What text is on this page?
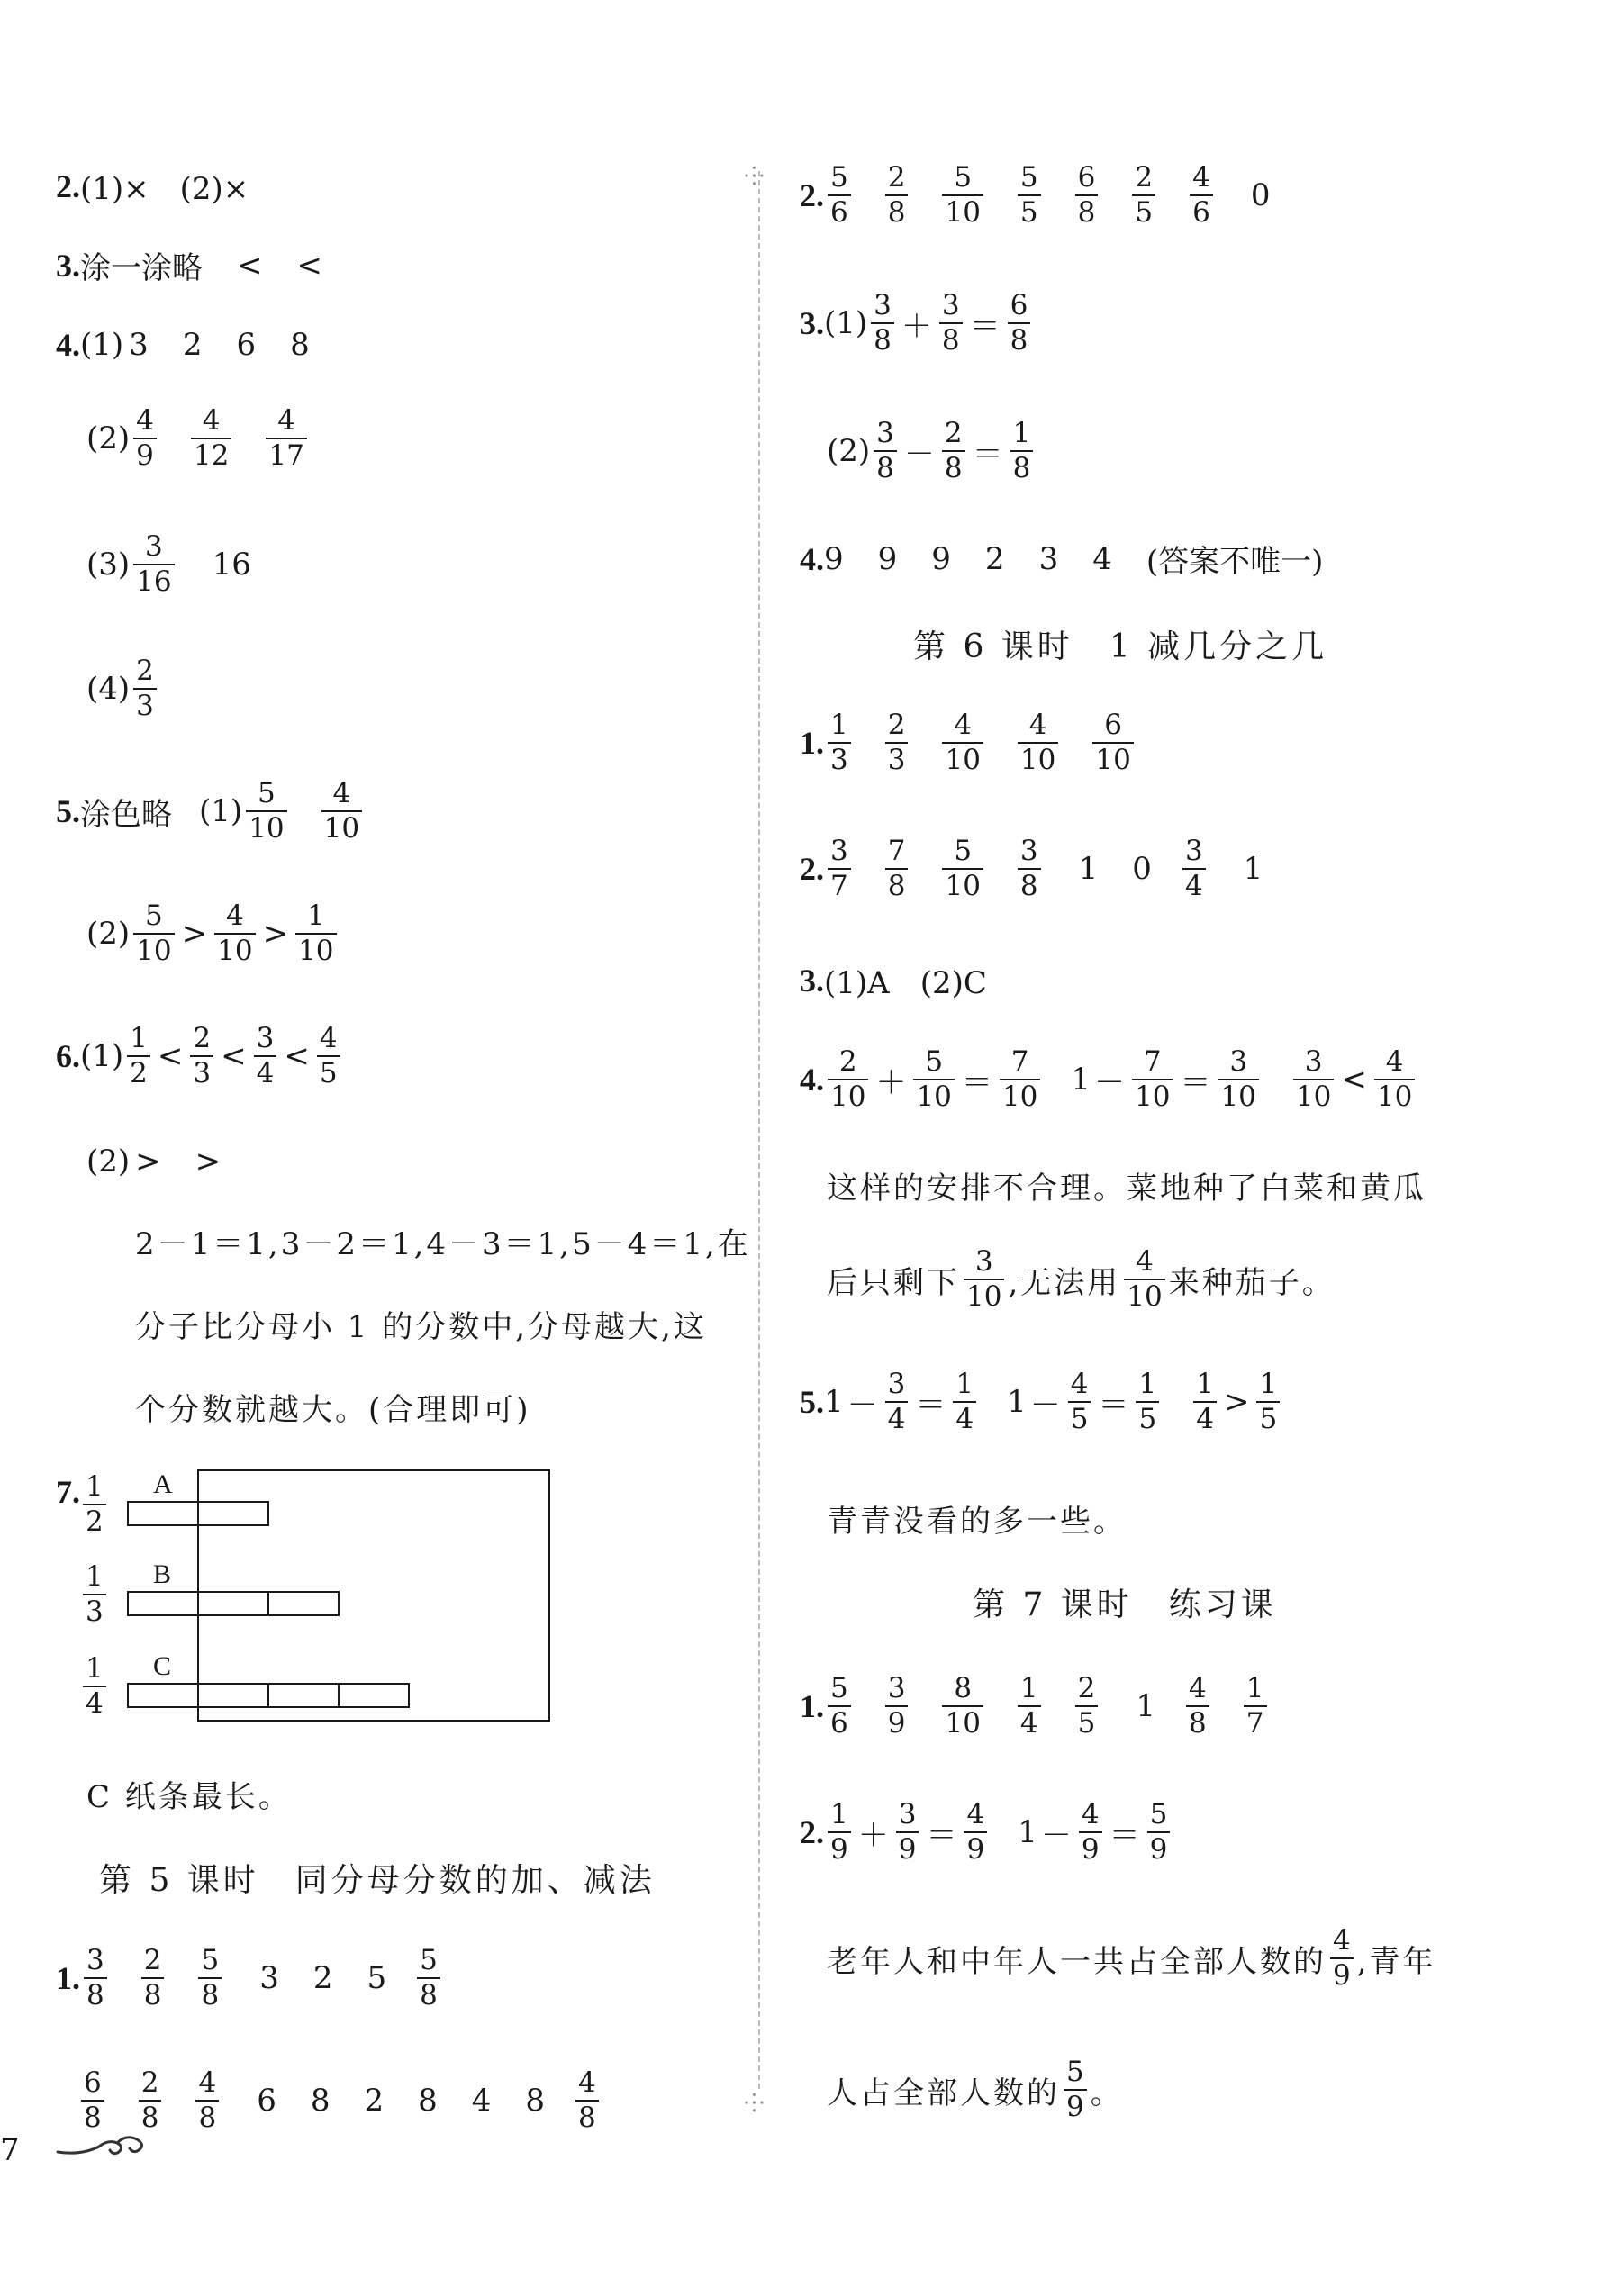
2. (1)×　(2)×
3. 涂一涂略 < <
4. (1) 3 2 6 8
$(2) \frac{4}{9} \frac{4}{12} \frac{4}{17}$
$(3) \frac{3}{16} 16$
$(4) \frac{2}{3}$
5. 涂色略 $(1) \frac{5}{10} \frac{4}{10}$
$(2) \frac{5}{10} > \frac{4}{10} > \frac{1}{10}$
6. $(1) \frac{1}{2} < \frac{2}{3} < \frac{3}{4} < \frac{4}{5}$
(2) > >
2－1＝1,3－2＝1,4－3＝1,5－4＝1,在
分子比分母小 1 的分数中,分母越大,这
个分数就越大。(合理即可)
7. $\frac{1}{2}$
$\frac{1}{3}$
$\frac{1}{4}$
A
B
C
C 纸条最长。
第 5 课时　同分母分数的加、减法
1. $\frac{3}{8} \frac{2}{8} \frac{5}{8} 3$ 2 $5 \frac{5}{8}$
$\frac{6}{8} \frac{2}{8} \frac{4}{8} 6$ 8 2 8 4 $8 \frac{4}{8}$
⸭
⸭
2. $\frac{5}{6} \frac{2}{8} \frac{5}{10} \frac{5}{5} \frac{6}{8} \frac{2}{5} \frac{4}{6} 0$
3. $(1) \frac{3}{8} + \frac{3}{8} = \frac{6}{8}$
$(2) \frac{3}{8} - \frac{2}{8} = \frac{1}{8}$
4. 9 9 9 2 3 4 (答案不唯一)
第 6 课时　1 减几分之几
1. $\frac{1}{3} \frac{2}{3} \frac{4}{10} \frac{4}{10} \frac{6}{10}$
2. $\frac{3}{7} \frac{7}{8} \frac{5}{10} \frac{3}{8} 1$ $0 \frac{3}{4} 1$
3. (1)A　(2)C
4. $\frac{2}{10} + \frac{5}{10} = \frac{7}{10} 1 - \frac{7}{10} = \frac{3}{10} \frac{3}{10} < \frac{4}{10}$
这样的安排不合理。菜地种了白菜和黄瓜
后只剩下 $\frac{3}{10}$ ,无法用 $\frac{4}{10}$ 来种茄子。
5. $1 - \frac{3}{4} = \frac{1}{4} 1 - \frac{4}{5} = \frac{1}{5} \frac{1}{4} > \frac{1}{5}$
青青没看的多一些。
第 7 课时　练习课
1. $\frac{5}{6} \frac{3}{9} \frac{8}{10} \frac{1}{4} \frac{2}{5} 1 \frac{4}{8} \frac{1}{7}$
2. $\frac{1}{9} + \frac{3}{9} = \frac{4}{9} 1 - \frac{4}{9} = \frac{5}{9}$
老年人和中年人一共占全部人数的 $\frac{4}{9}$ ,青年
人占全部人数的 $\frac{5}{9}$ 。
7
